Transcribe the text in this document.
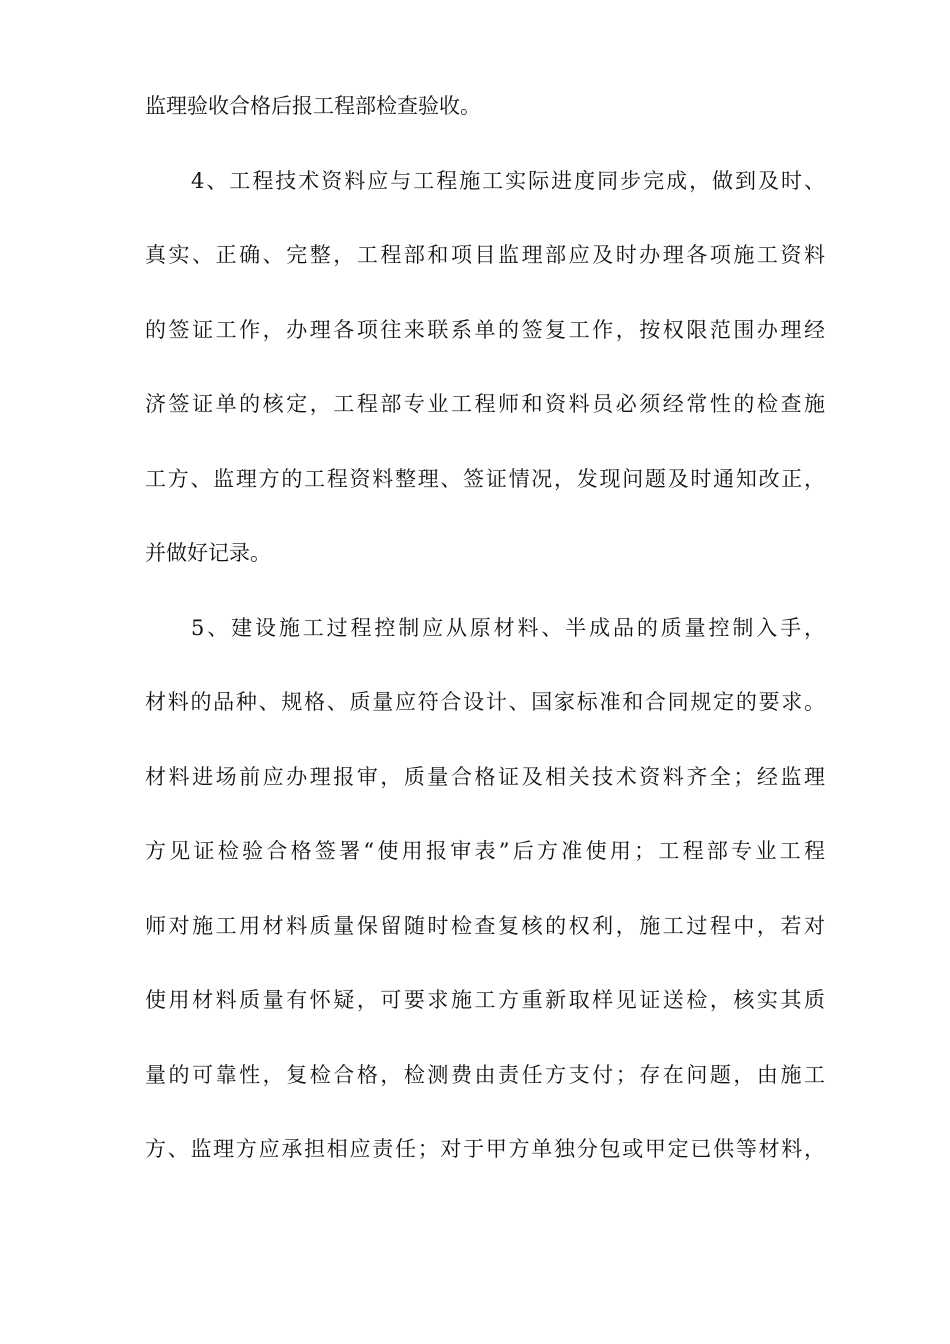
监理验收合格后报工程部检查验收。
4、工程技术资料应与工程施工实际进度同步完成，做到及时、
真实、正确、完整，工程部和项目监理部应及时办理各项施工资料
的签证工作，办理各项往来联系单的签复工作，按权限范围办理经
济签证单的核定，工程部专业工程师和资料员必须经常性的检查施
工方、监理方的工程资料整理、签证情况，发现问题及时通知改正，
并做好记录。
5、建设施工过程控制应从原材料、半成品的质量控制入手，
材料的品种、规格、质量应符合设计、国家标准和合同规定的要求。
材料进场前应办理报审，质量合格证及相关技术资料齐全；经监理
方见证检验合格签署“使用报审表”后方准使用；工程部专业工程
师对施工用材料质量保留随时检查复核的权利，施工过程中，若对
使用材料质量有怀疑，可要求施工方重新取样见证送检，核实其质
量的可靠性，复检合格，检测费由责任方支付；存在问题，由施工
方、监理方应承担相应责任；对于甲方单独分包或甲定已供等材料，
